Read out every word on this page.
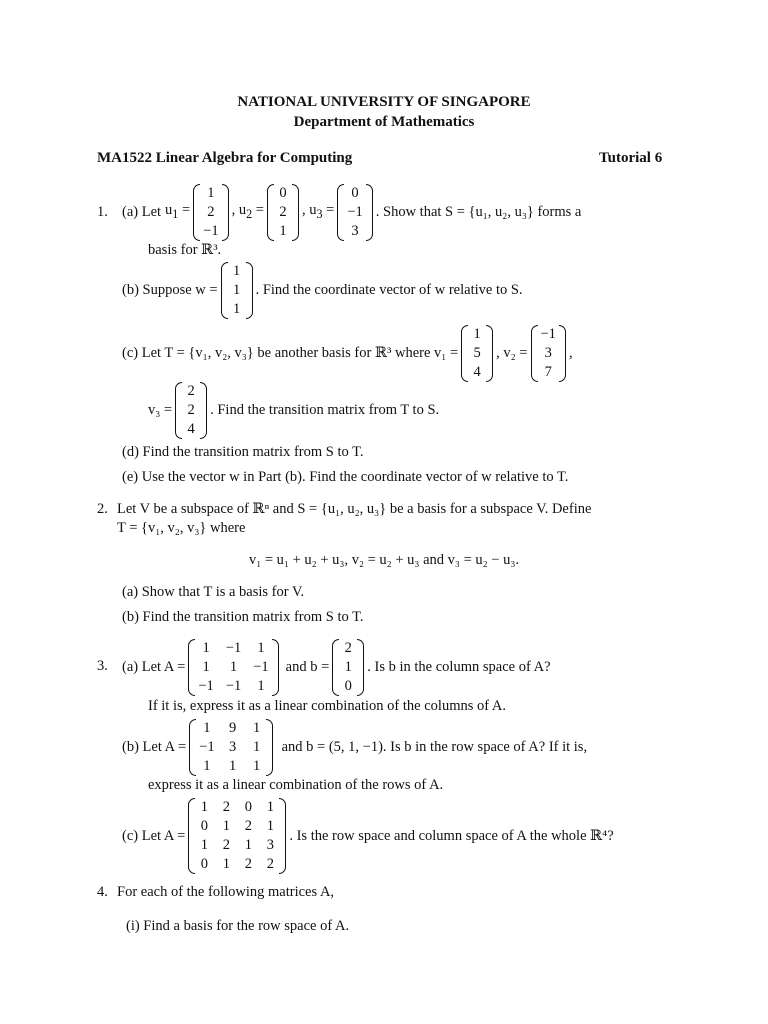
NATIONAL UNIVERSITY OF SINGAPORE
Department of Mathematics
MA1522 Linear Algebra for Computing	Tutorial 6
1. (a) Let $u_1$ =
1
2
−1
, $u_2$ =
0
2
1
, $u_3$ =
0
−1
3
. Show that S = {u₁, u₂, u₃} forms a
basis for ℝ³.
(b) Suppose w =
1
1
1
. Find the coordinate vector of w relative to S.
(c) Let T = {v₁, v₂, v₃} be another basis for ℝ³ where v₁ =
1
5
4
, v₂ =
−1
3
7
,
v₃ =
2
2
4
. Find the transition matrix from T to S.
(d) Find the transition matrix from S to T.
(e) Use the vector w in Part (b). Find the coordinate vector of w relative to T.
2. Let V be a subspace of ℝⁿ and S = {u₁, u₂, u₃} be a basis for a subspace V. Define
T = {v₁, v₂, v₃} where
v₁ = u₁ + u₂ + u₃, v₂ = u₂ + u₃ and v₃ = u₂ − u₃.
(a) Show that T is a basis for V.
(b) Find the transition matrix from S to T.
3. (a) Let A =
1
1
−1
−1
1
−1
1
−1
1
and b =
2
1
0
. Is b in the column space of A?
If it is, express it as a linear combination of the columns of A.
(b) Let A =
1
−1
1
9
3
1
1
1
1
and b = (5, 1, −1). Is b in the row space of A? If it is,
express it as a linear combination of the rows of A.
(c) Let A =
1
0
1
0
2
1
2
1
0
2
1
2
1
1
3
2
. Is the row space and column space of A the whole ℝ⁴?
4. For each of the following matrices A,
(i) Find a basis for the row space of A.
